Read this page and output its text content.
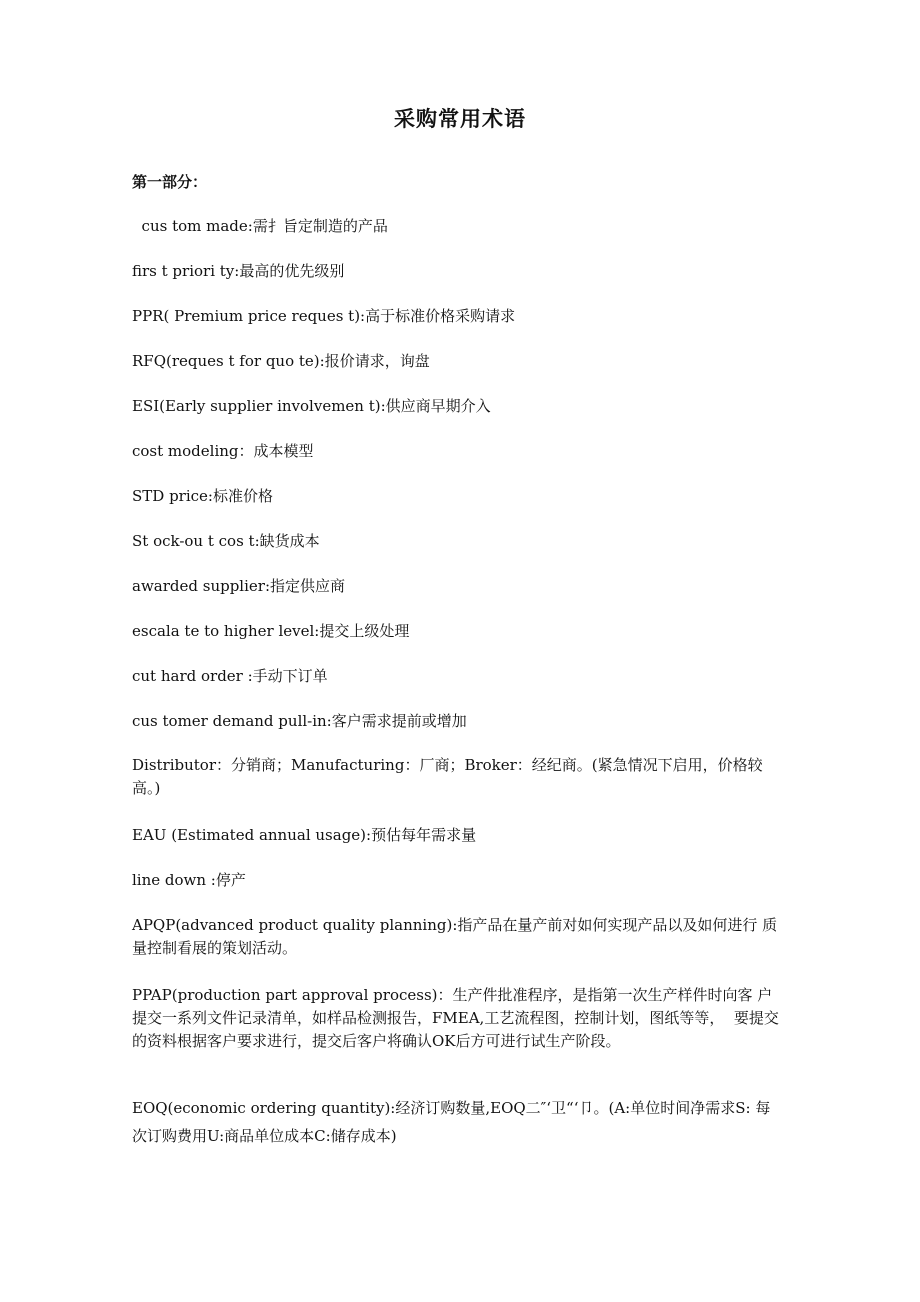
采购常用术语
第一部分：
cus tom made:需扌旨定制造的产品
firs t priori ty:最高的优先级别
PPR( Premium price reques t):高于标准价格采购请求
RFQ(reques t for quo te):报价请求，询盘
ESI(Early supplier involvemen t):供应商早期介入
cost modeling：成本模型
STD price:标准价格
St ock-ou t cos t:缺货成本
awarded supplier:指定供应商
escala te to higher level:提交上级处理
cut hard order :手动下订单
cus tomer demand pull-in:客户需求提前或增加
Distributor：分销商；Manufacturing：厂商；Broker：经纪商。(紧急情况下启用，价格较高。)
EAU (Estimated annual usage):预估每年需求量
line down :停产
APQP(advanced product quality planning):指产品在量产前对如何实现产品以及如何进行 质量控制看展的策划活动。
PPAP(production part approval process)：生产件批准程序，是指第一次生产样件时向客 户提交一系列文件记录清单，如样品检测报告，FMEA,工艺流程图，控制计划，图纸等等，  要提交的资料根据客户要求进行，提交后客户将确认OK后方可进行试生产阶段。
EOQ(economic ordering quantity):经济订购数量,EOQ二″‘卫“‘卩。(A:单位时间净需求S: 每次订购费用U:商品单位成本C:储存成本)
